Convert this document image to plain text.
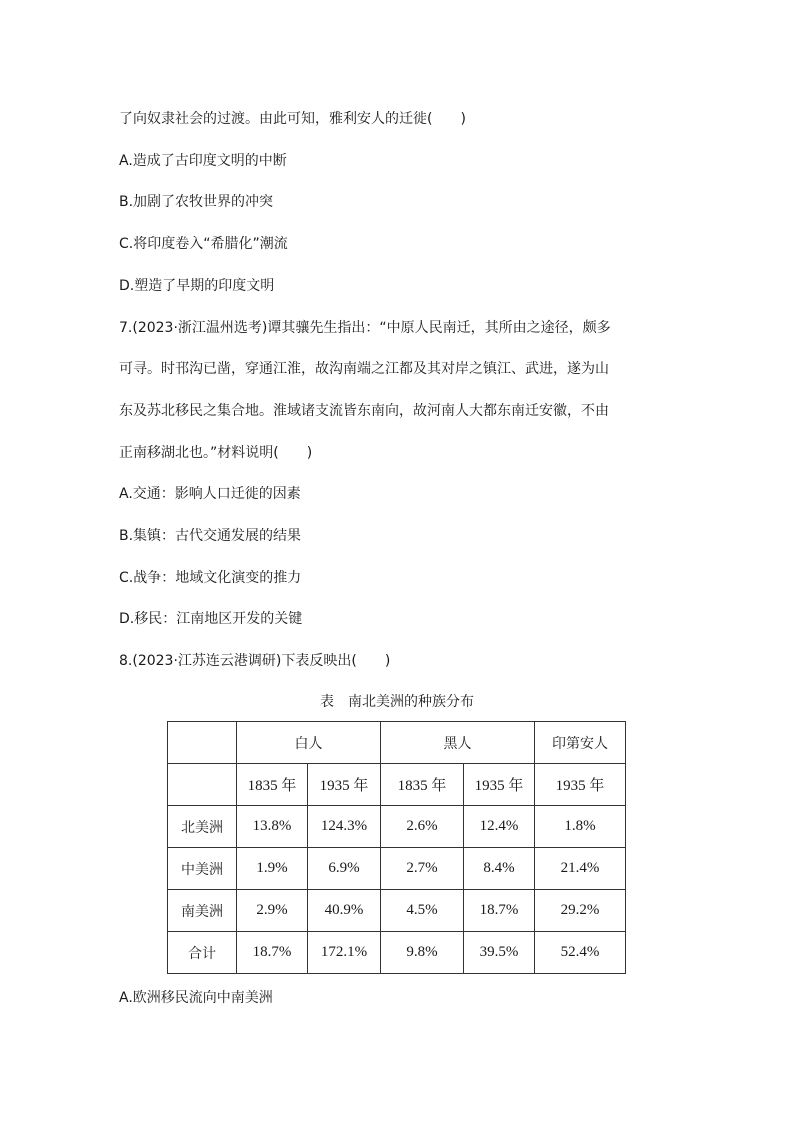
了向奴隶社会的过渡。由此可知，雅利安人的迁徙(　　)

A.造成了古印度文明的中断

B.加剧了农牧世界的冲突

C.将印度卷入“希腊化”潮流

D.塑造了早期的印度文明

7.(2023·浙江温州选考)谭其骧先生指出：“中原人民南迁，其所由之途径，颇多

可寻。时邗沟已凿，穿通江淮，故沟南端之江都及其对岸之镇江、武进，遂为山

东及苏北移民之集合地。淮域诸支流皆东南向，故河南人大都东南迁安徽，不由

正南移湖北也。”材料说明(　　)

A.交通：影响人口迁徙的因素

B.集镇：古代交通发展的结果

C.战争：地域文化演变的推力

D.移民：江南地区开发的关键

8.(2023·江苏连云港调研)下表反映出(　　)

表　南北美洲的种族分布

	白人		黑人		印第安人
	1835 年	1935 年	1835 年	1935 年	1935 年
北美洲	13.8%	124.3%	2.6%	12.4%	1.8%
中美洲	1.9%	6.9%	2.7%	8.4%	21.4%
南美洲	2.9%	40.9%	4.5%	18.7%	29.2%
合计	18.7%	172.1%	9.8%	39.5%	52.4%

A.欧洲移民流向中南美洲
